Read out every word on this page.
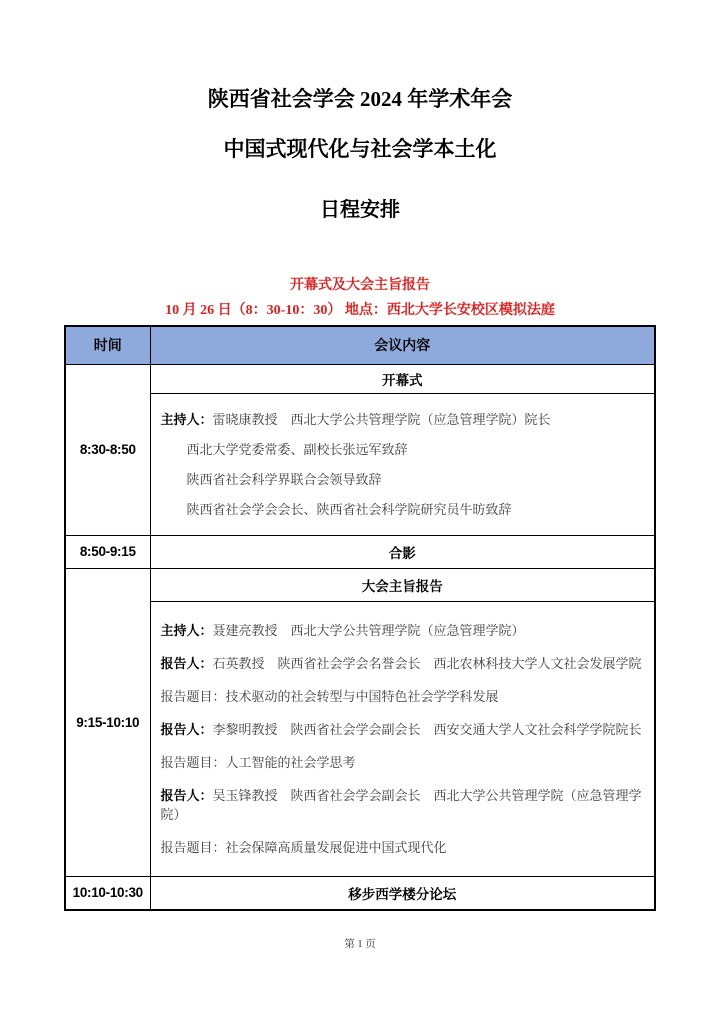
陕西省社会学会 2024 年学术年会
中国式现代化与社会学本土化
日程安排
开幕式及大会主旨报告
10 月 26 日（8：30-10：30） 地点：西北大学长安校区模拟法庭
时间	会议内容
8:30-8:50	开幕式

主持人：雷晓康教授　西北大学公共管理学院（应急管理学院）院长

西北大学党委常委、副校长张远军致辞

陕西省社会科学界联合会领导致辞

陕西省社会学会会长、陕西省社会科学院研究员牛昉致辞

8:50-9:15	合影

9:15-10:10	
大会主旨报告

主持人：聂建亮教授　西北大学公共管理学院（应急管理学院）

报告人：石英教授　陕西省社会学会名誉会长　西北农林科技大学人文社会发展学院

报告题目：技术驱动的社会转型与中国特色社会学学科发展

报告人：李黎明教授　陕西省社会学会副会长　西安交通大学人文社会科学学院院长

报告题目：人工智能的社会学思考

报告人：吴玉锋教授　陕西省社会学会副会长　西北大学公共管理学院（应急管理学院）

报告题目：社会保障高质量发展促进中国式现代化

10:10-10:30	移步西学楼分论坛
第 1 页
